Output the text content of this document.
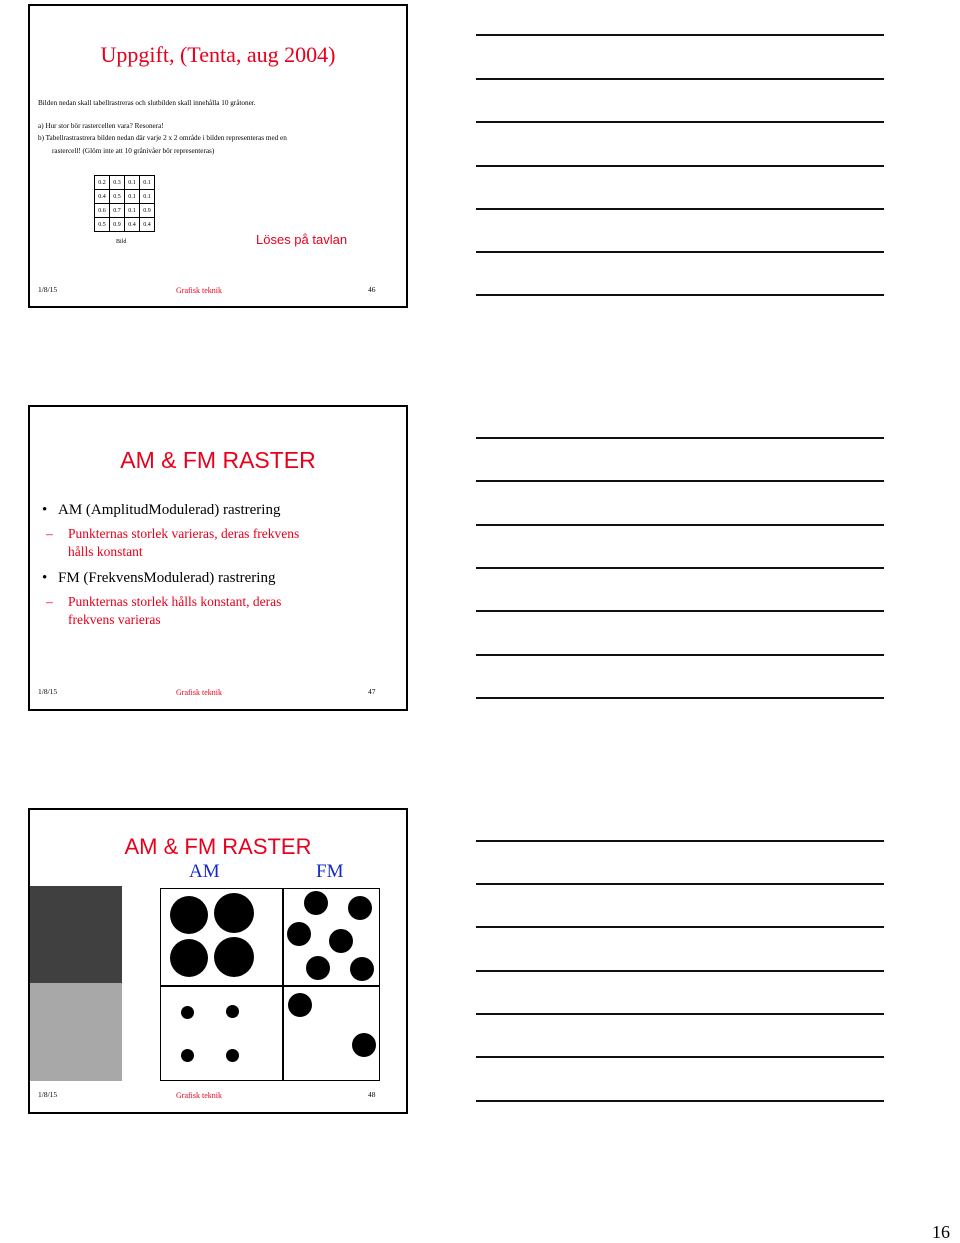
Uppgift, (Tenta, aug 2004)
Bilden nedan skall tabellrastreras och slutbilden skall innehålla 10 gråtoner.
a) Hur stor bör rastercellen vara? Resonera!
b) Tabellrastrastrera bilden nedan där varje 2 x 2 område i bilden representeras med en
rastercell! (Glöm inte att 10 grånivåer bör representeras)
0.2	0.3	0.1	0.1
0.4	0.5	0.1	0.1
0.6	0.7	0.1	0.9
0.5	0.9	0.4	0.4
Bild	Löses på tavlan
1/8/15	Grafisk teknik	46
AM & FM RASTER
• AM (AmplitudModulerad) rastrering
– Punkternas storlek varieras, deras frekvens
hålls konstant
• FM (FrekvensModulerad) rastrering
– Punkternas storlek hålls konstant, deras
frekvens varieras
1/8/15	Grafisk teknik	47
AM & FM RASTER
AM	FM
1/8/15	Grafisk teknik	48
16
